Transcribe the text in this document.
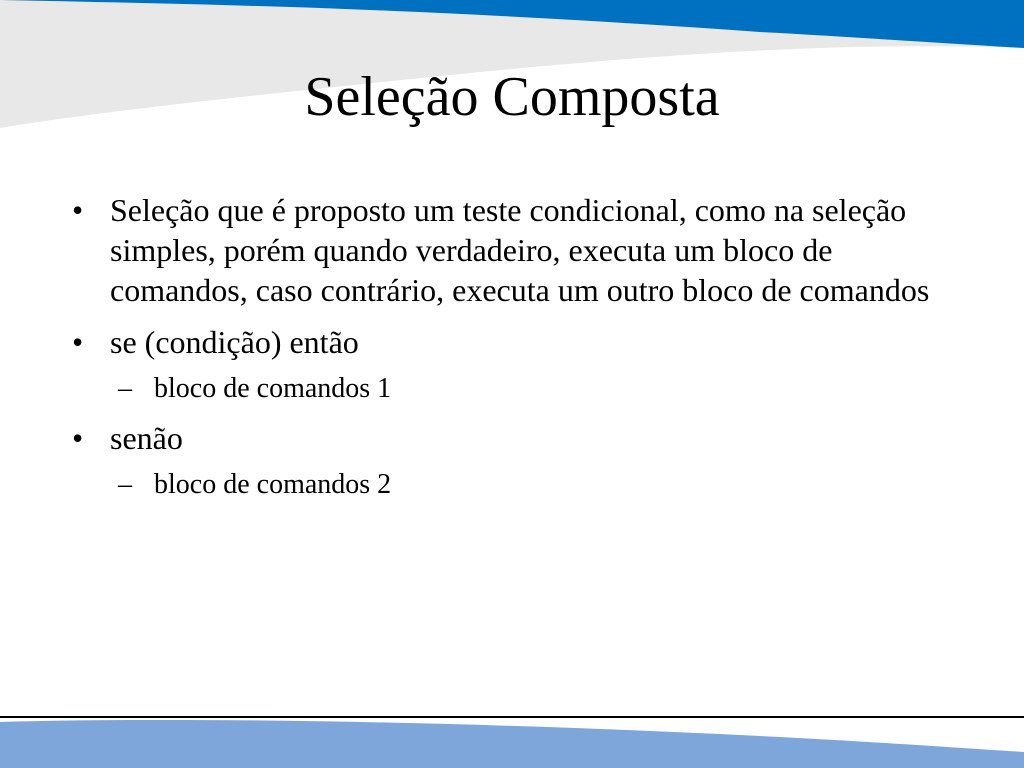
Seleção Composta
• Seleção que é proposto um teste condicional, como na seleção simples, porém quando verdadeiro, executa um bloco de comandos, caso contrário, executa um outro bloco de comandos
• se (condição) então
– bloco de comandos 1
• senão
– bloco de comandos 2
